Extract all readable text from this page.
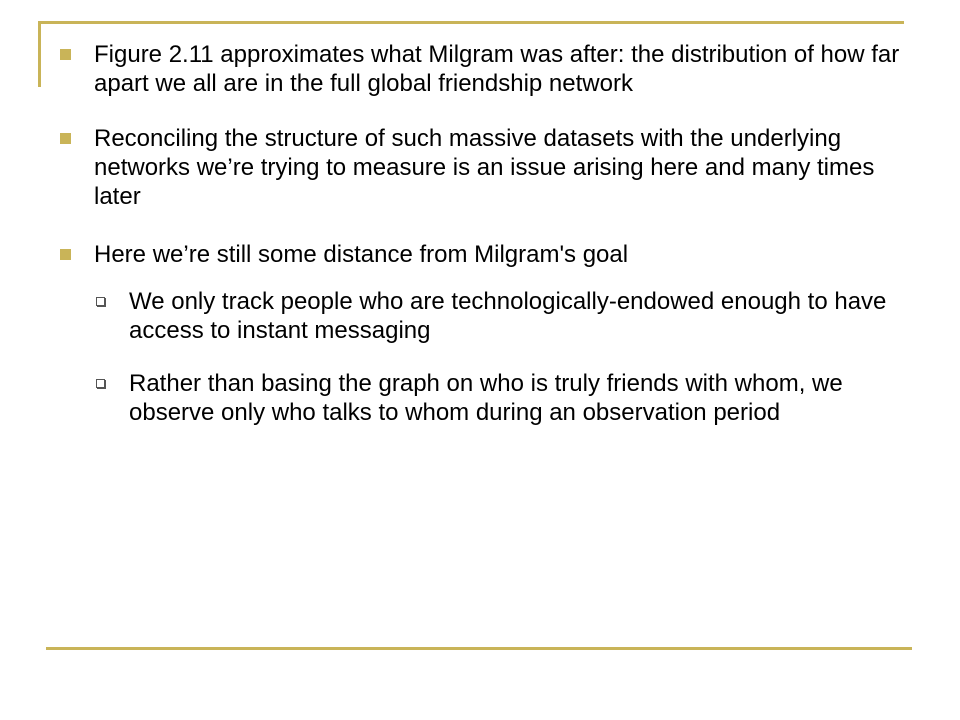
Figure 2.11 approximates what Milgram was after: the distribution of how far apart we all are in the full global friendship network
Reconciling the structure of such massive datasets with the underlying networks we’re trying to measure is an issue arising here and many times later
Here we’re still some distance from Milgram's goal
We only track people who are technologically-endowed enough to have access to instant messaging
Rather than basing the graph on who is truly friends with whom, we observe only who talks to whom during an observation period
